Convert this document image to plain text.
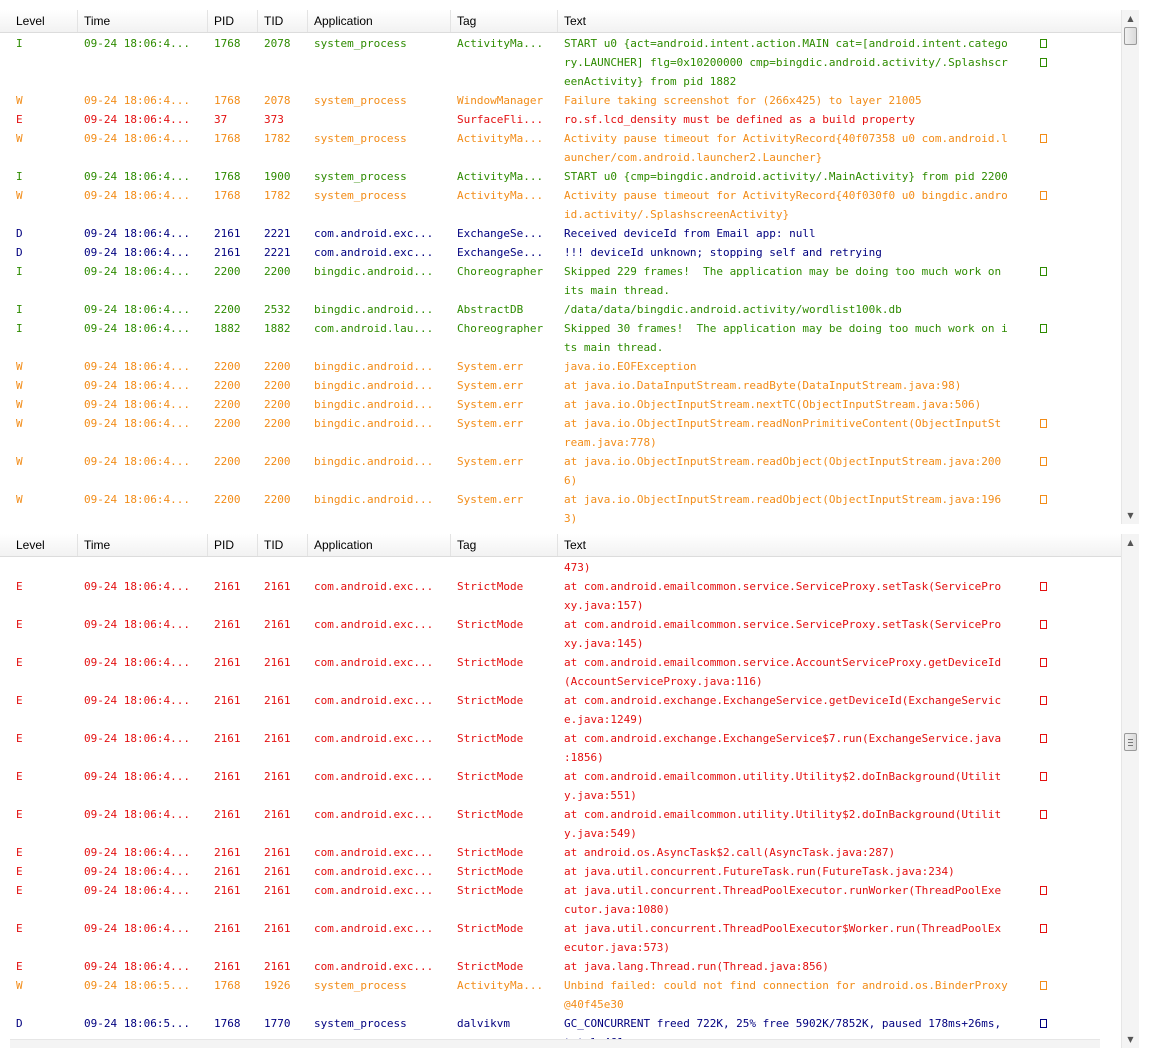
Level	Time	PID	TID	Application	Tag	Text
I	09-24 18:06:4...	1768	2078	system_process	ActivityMa...	START u0 {act=android.intent.action.MAIN cat=[android.intent.catego
ry.LAUNCHER] flg=0x10200000 cmp=bingdic.android.activity/.Splashscr
eenActivity} from pid 1882
W	09-24 18:06:4...	1768	2078	system_process	WindowManager	Failure taking screenshot for (266x425) to layer 21005
E	09-24 18:06:4...	37	373	SurfaceFli...	ro.sf.lcd_density must be defined as a build property
W	09-24 18:06:4...	1768	1782	system_process	ActivityMa...	Activity pause timeout for ActivityRecord{40f07358 u0 com.android.l
auncher/com.android.launcher2.Launcher}
I	09-24 18:06:4...	1768	1900	system_process	ActivityMa...	START u0 {cmp=bingdic.android.activity/.MainActivity} from pid 2200
W	09-24 18:06:4...	1768	1782	system_process	ActivityMa...	Activity pause timeout for ActivityRecord{40f030f0 u0 bingdic.andro
id.activity/.SplashscreenActivity}
D	09-24 18:06:4...	2161	2221	com.android.exc...	ExchangeSe...	Received deviceId from Email app: null
D	09-24 18:06:4...	2161	2221	com.android.exc...	ExchangeSe...	!!! deviceId unknown; stopping self and retrying
I	09-24 18:06:4...	2200	2200	bingdic.android...	Choreographer	Skipped 229 frames!  The application may be doing too much work on
its main thread.
I	09-24 18:06:4...	2200	2532	bingdic.android...	AbstractDB	/data/data/bingdic.android.activity/wordlist100k.db
I	09-24 18:06:4...	1882	1882	com.android.lau...	Choreographer	Skipped 30 frames!  The application may be doing too much work on i
ts main thread.
W	09-24 18:06:4...	2200	2200	bingdic.android...	System.err	java.io.EOFException
W	09-24 18:06:4...	2200	2200	bingdic.android...	System.err	at java.io.DataInputStream.readByte(DataInputStream.java:98)
W	09-24 18:06:4...	2200	2200	bingdic.android...	System.err	at java.io.ObjectInputStream.nextTC(ObjectInputStream.java:506)
W	09-24 18:06:4...	2200	2200	bingdic.android...	System.err	at java.io.ObjectInputStream.readNonPrimitiveContent(ObjectInputSt
ream.java:778)
W	09-24 18:06:4...	2200	2200	bingdic.android...	System.err	at java.io.ObjectInputStream.readObject(ObjectInputStream.java:200
6)
W	09-24 18:06:4...	2200	2200	bingdic.android...	System.err	at java.io.ObjectInputStream.readObject(ObjectInputStream.java:196
3)
▲
▼
Level	Time	PID	TID	Application	Tag	Text
473)
E	09-24 18:06:4...	2161	2161	com.android.exc...	StrictMode	at com.android.emailcommon.service.ServiceProxy.setTask(ServicePro
xy.java:157)
E	09-24 18:06:4...	2161	2161	com.android.exc...	StrictMode	at com.android.emailcommon.service.ServiceProxy.setTask(ServicePro
xy.java:145)
E	09-24 18:06:4...	2161	2161	com.android.exc...	StrictMode	at com.android.emailcommon.service.AccountServiceProxy.getDeviceId
(AccountServiceProxy.java:116)
E	09-24 18:06:4...	2161	2161	com.android.exc...	StrictMode	at com.android.exchange.ExchangeService.getDeviceId(ExchangeServic
e.java:1249)
E	09-24 18:06:4...	2161	2161	com.android.exc...	StrictMode	at com.android.exchange.ExchangeService$7.run(ExchangeService.java
:1856)
E	09-24 18:06:4...	2161	2161	com.android.exc...	StrictMode	at com.android.emailcommon.utility.Utility$2.doInBackground(Utilit
y.java:551)
E	09-24 18:06:4...	2161	2161	com.android.exc...	StrictMode	at com.android.emailcommon.utility.Utility$2.doInBackground(Utilit
y.java:549)
E	09-24 18:06:4...	2161	2161	com.android.exc...	StrictMode	at android.os.AsyncTask$2.call(AsyncTask.java:287)
E	09-24 18:06:4...	2161	2161	com.android.exc...	StrictMode	at java.util.concurrent.FutureTask.run(FutureTask.java:234)
E	09-24 18:06:4...	2161	2161	com.android.exc...	StrictMode	at java.util.concurrent.ThreadPoolExecutor.runWorker(ThreadPoolExe
cutor.java:1080)
E	09-24 18:06:4...	2161	2161	com.android.exc...	StrictMode	at java.util.concurrent.ThreadPoolExecutor$Worker.run(ThreadPoolEx
ecutor.java:573)
E	09-24 18:06:4...	2161	2161	com.android.exc...	StrictMode	at java.lang.Thread.run(Thread.java:856)
W	09-24 18:06:5...	1768	1926	system_process	ActivityMa...	Unbind failed: could not find connection for android.os.BinderProxy
@40f45e30
D	09-24 18:06:5...	1768	1770	system_process	dalvikvm	GC_CONCURRENT freed 722K, 25% free 5902K/7852K, paused 178ms+26ms,
▲
▼
